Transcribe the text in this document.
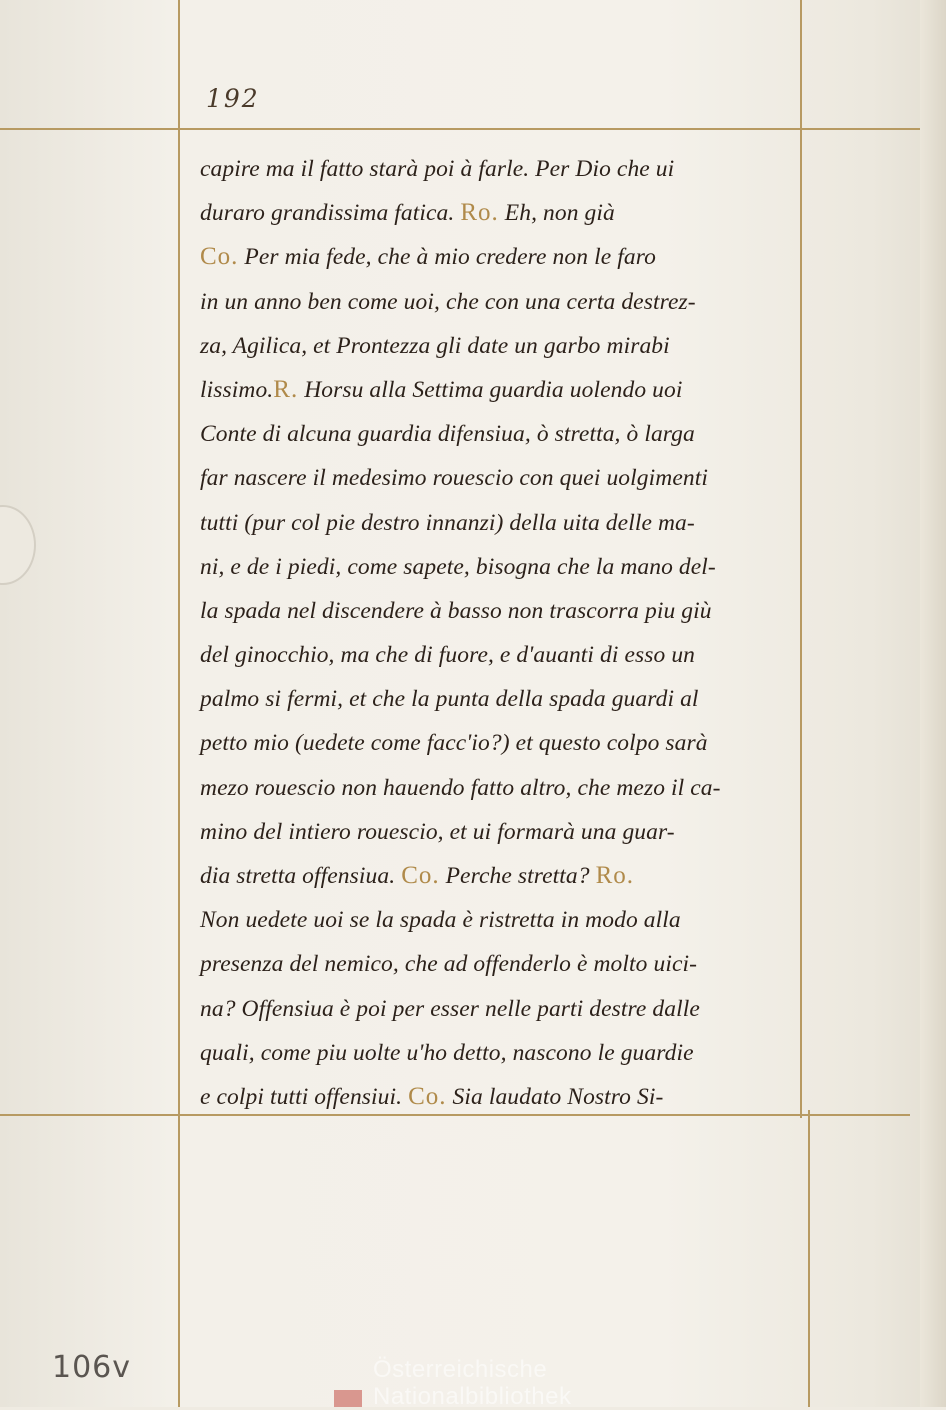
192
capire ma il fatto starà poi à farle. Per Dio che ui
duraro grandissima fatica. Ro. Eh, non già
Co. Per mia fede, che à mio credere non le faro
in un anno ben come uoi, che con una certa destrez-
za, Agilica, et Prontezza gli date un garbo mirabi
lissimo.R. Horsu alla Settima guardia uolendo uoi
Conte di alcuna guardia difensiua, ò stretta, ò larga
far nascere il medesimo rouescio con quei uolgimenti
tutti (pur col pie destro innanzi) della uita delle ma-
ni, e de i piedi, come sapete, bisogna che la mano del-
la spada nel discendere à basso non trascorra piu giù
del ginocchio, ma che di fuore, e d'auanti di esso un
palmo si fermi, et che la punta della spada guardi al
petto mio (uedete come facc'io?) et questo colpo sarà
mezo rouescio non hauendo fatto altro, che mezo il ca-
mino del intiero rouescio, et ui formarà una guar-
dia stretta offensiua. Co. Perche stretta? Ro.
Non uedete uoi se la spada è ristretta in modo alla
presenza del nemico, che ad offenderlo è molto uici-
na? Offensiua è poi per esser nelle parti destre dalle
quali, come piu uolte u'ho detto, nascono le guardie
e colpi tutti offensiui. Co. Sia laudato Nostro Si-
106v	Österreichische
Nationalbibliothek
